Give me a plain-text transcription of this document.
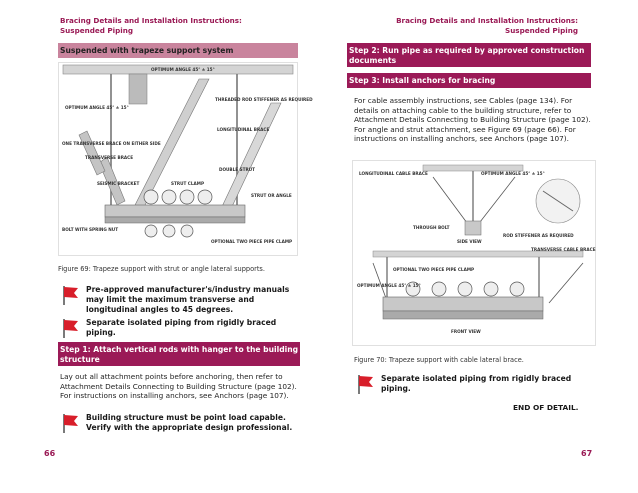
Bracing Details and Installation Instructions:
Suspended Piping
Suspended with trapeze support system
OPTIMUM ANGLE 45° ± 15°
THREADED ROD STIFFENER AS REQUIRED
OPTIMUM ANGLE 45° ± 15°
LONGITUDINAL BRACE
ONE TRANSVERSE BRACE ON EITHER SIDE
TRANSVERSE BRACE
SEISMIC BRACKET
DOUBLE STRUT
STRUT CLAMP
STRUT OR ANGLE
BOLT WITH SPRING NUT
OPTIONAL TWO PIECE PIPE CLAMP
Figure 69: Trapeze support with strut or angle lateral supports.
Pre-approved manufacturer's/industry manuals may limit the maximum transverse and longitudinal angles to 45 degrees.
Separate isolated piping from rigidly braced piping.
Step 1: Attach vertical rods with hanger to the building structure
Lay out all attachment points before anchoring, then refer to Attachment Details Connecting to Building Structure (page 102). For instructions on installing anchors, see Anchors (page 107).
Building structure must be point load capable. Verify with the appropriate design professional.
66
Bracing Details and Installation Instructions:
Suspended Piping
Step 2: Run pipe as required by approved construction documents
Step 3: Install anchors for bracing
For cable assembly instructions, see Cables (page 134). For details on attaching cable to the building structure, refer to Attachment Details Connecting to Building Structure (page 102). For angle and strut attachment, see Figure 69 (page 66). For instructions on installing anchors, see Anchors (page 107).
LONGITUDINAL CABLE BRACE	OPTIMUM ANGLE 45° ± 15°
THROUGH BOLT
SIDE VIEW
ROD STIFFENER AS REQUIRED
TRANSVERSE CABLE BRACE
OPTIONAL TWO PIECE PIPE CLAMP
OPTIMUM ANGLE 45° ± 15°
FRONT VIEW
Figure 70: Trapeze support with cable lateral brace.
Separate isolated piping from rigidly braced piping.
END OF DETAIL.
67
